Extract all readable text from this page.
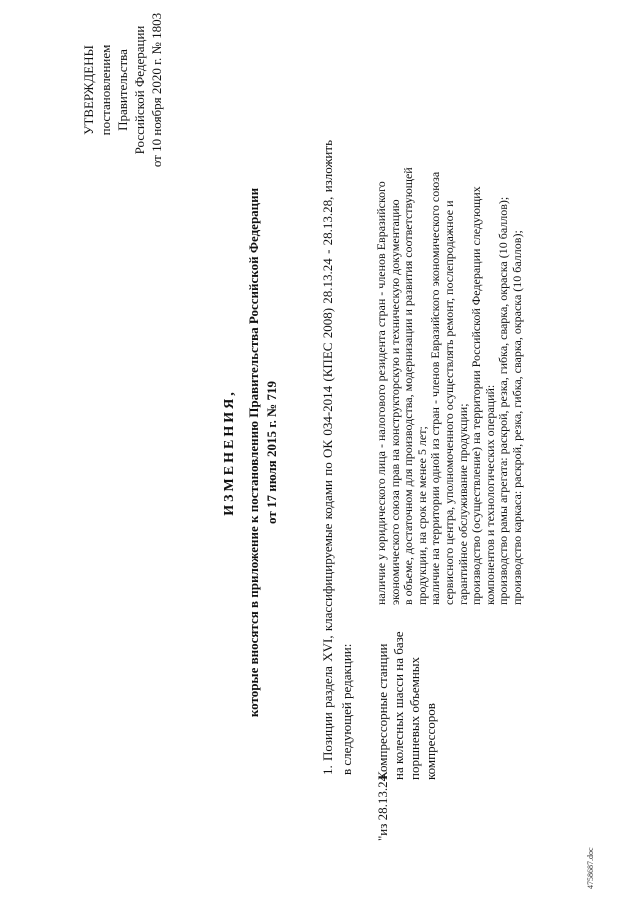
УТВЕРЖДЕНЫ постановлением Правительства Российской Федерации от 10 ноября 2020 г. № 1803
ИЗМЕНЕНИЯ, которые вносятся в приложение к постановлению Правительства Российской Федерации от 17 июля 2015 г. № 719	1. Позиции раздела XVI, классифицируемые кодами по ОК 034-2014 (КПЕС 2008) 28.13.24 - 28.13.28, изложить в следующей редакции:
"из 28.13.24
Компрессорные станции на колесных шасси на базе поршневых объемных компрессоров
наличие у юридического лица - налогового резидента стран - членов Евразийского экономического союза прав на конструкторскую и техническую документацию в объеме, достаточном для производства, модернизации и развития соответствующей продукции, на срок не менее 5 лет; наличие на территории одной из стран - членов Евразийского экономического союза сервисного центра, уполномоченного осуществлять ремонт, послепродажное и гарантийное обслуживание продукции; производство (осуществление) на территории Российской Федерации следующих компонентов и технологических операций: производство рамы агрегата: раскрой, резка, гибка, сварка, окраска (10 баллов); производство каркаса: раскрой, резка, гибка, сварка, окраска (10 баллов);
4758687.doc
